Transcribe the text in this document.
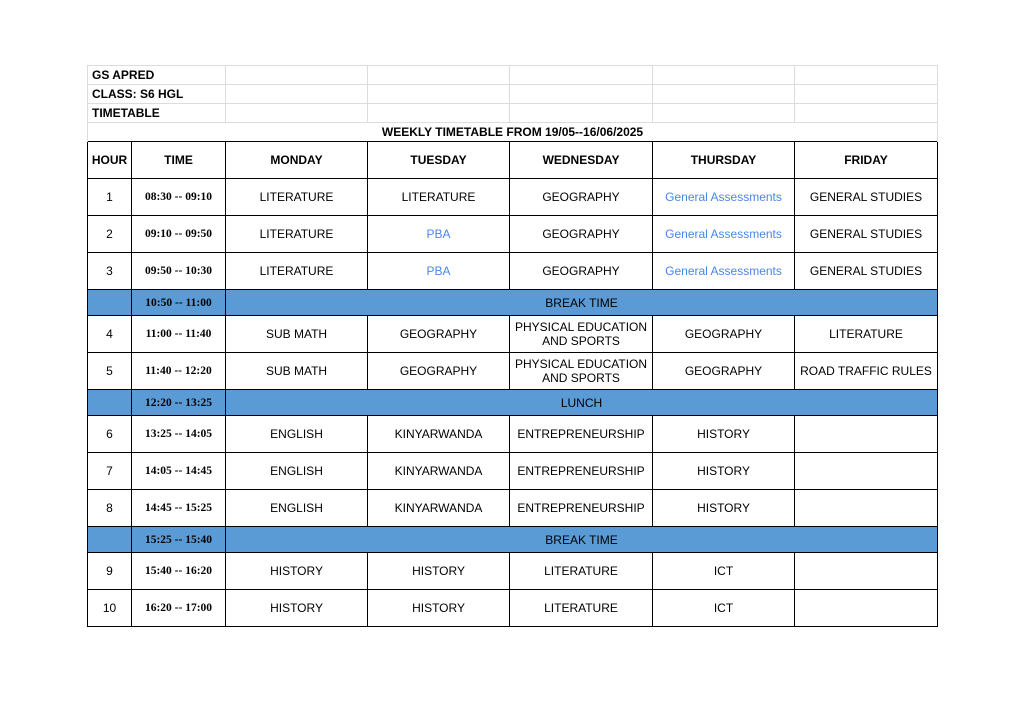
GS APRED						
CLASS: S6 HGL						
TIMETABLE						
WEEKLY TIMETABLE FROM 19/05--16/06/2025						
HOUR	TIME	MONDAY	TUESDAY	WEDNESDAY	THURSDAY	FRIDAY
1	08:30 -- 09:10	LITERATURE	LITERATURE	GEOGRAPHY	General Assessments	GENERAL STUDIES
2	09:10 -- 09:50	LITERATURE	PBA	GEOGRAPHY	General Assessments	GENERAL STUDIES
3	09:50 -- 10:30	LITERATURE	PBA	GEOGRAPHY	General Assessments	GENERAL STUDIES
	10:50 -- 11:00	BREAK TIME				
4	11:00 -- 11:40	SUB MATH	GEOGRAPHY	PHYSICAL EDUCATION AND SPORTS	GEOGRAPHY	LITERATURE
5	11:40 -- 12:20	SUB MATH	GEOGRAPHY	PHYSICAL EDUCATION AND SPORTS	GEOGRAPHY	ROAD TRAFFIC RULES
	12:20 -- 13:25	LUNCH				
6	13:25 -- 14:05	ENGLISH	KINYARWANDA	ENTREPRENEURSHIP	HISTORY	
7	14:05 -- 14:45	ENGLISH	KINYARWANDA	ENTREPRENEURSHIP	HISTORY	
8	14:45 -- 15:25	ENGLISH	KINYARWANDA	ENTREPRENEURSHIP	HISTORY	
	15:25 -- 15:40	BREAK TIME				
9	15:40 -- 16:20	HISTORY	HISTORY	LITERATURE	ICT	
10	16:20 -- 17:00	HISTORY	HISTORY	LITERATURE	ICT	
